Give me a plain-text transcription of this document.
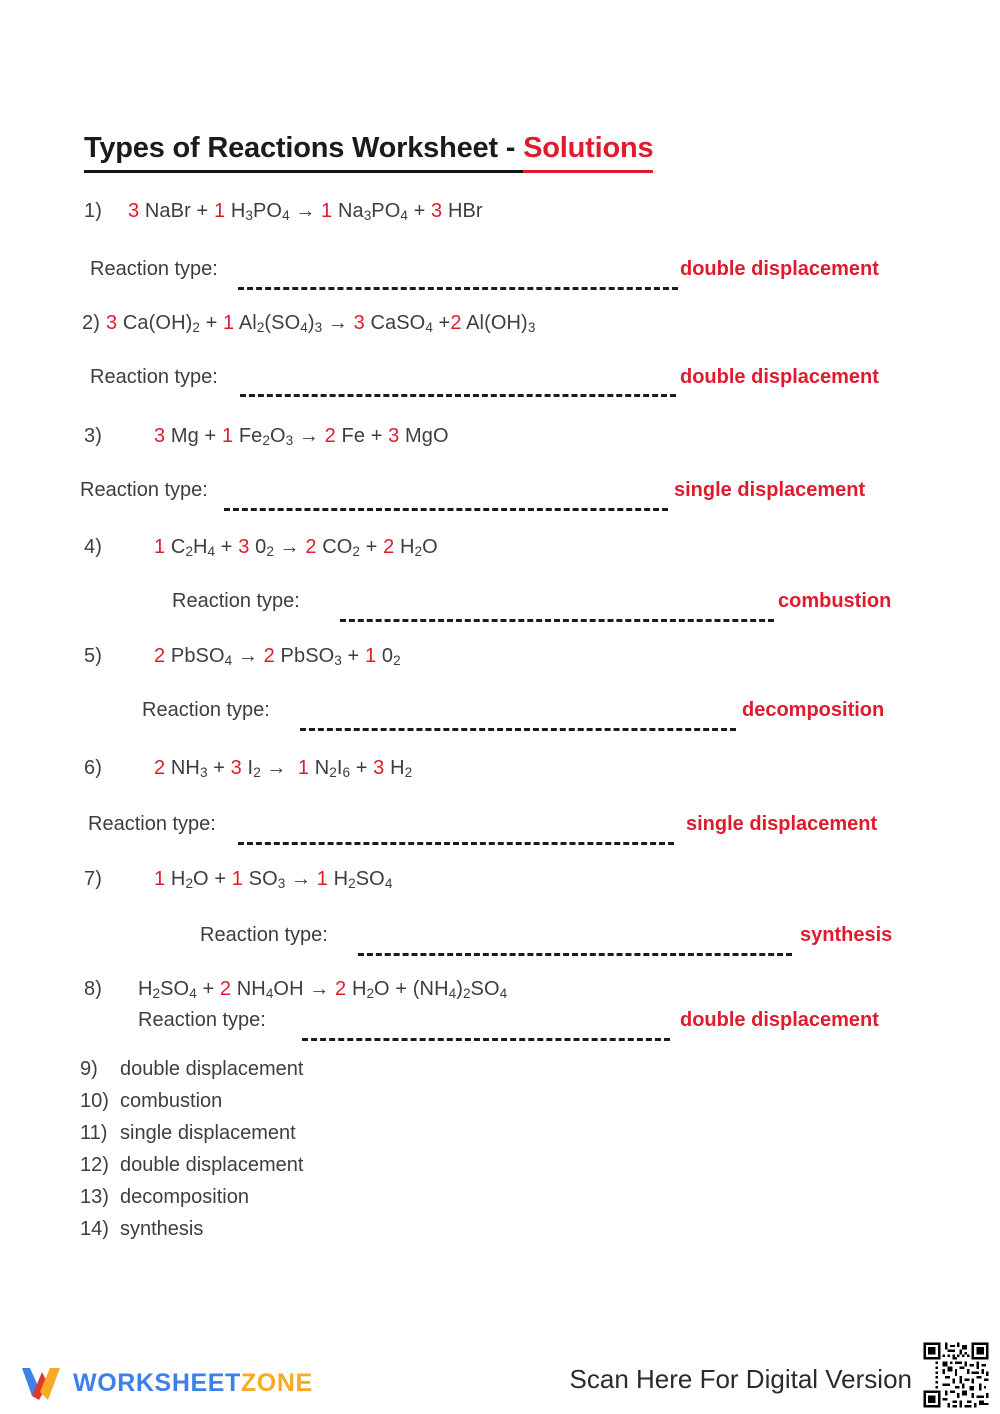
Types of Reactions Worksheet - Solutions
1)	3 NaBr + 1 $H_3PO_4 \to 1$ $Na_3PO_4 + 3$ HBr
Reaction type:	double displacement
2) 3 $Ca(OH)_2 + 1$ $Al_2(SO_4)_3 \to 3$ CaSO$_4$ +2 $Al(OH)_3$
Reaction type:	double displacement
3)	3 Mg + 1 $Fe_2O_3 \to 2$ Fe + 3 MgO
Reaction type:	single displacement
4)	1 $C_2H_4 + 3$ $0_2 \to 2$ $CO_2 + 2$ $H_2O$
Reaction type:	combustion
5)	2 PbSO$_4$ → 2 PbSO$_3$ + 1 $0_2$
Reaction type:	decomposition
6)	2 $NH_3 + 3$ $I_2 \to 1$ $N_2I_6 + 3$ $H_2$
Reaction type:	single displacement
7)	1 $H_2O + 1$ $SO_3 \to 1$ $H_2SO_4$
Reaction type:	synthesis
8)	$H_2SO_4 + 2$ $NH_4OH \to 2$ $H_2O + (NH_4)_2SO_4$
Reaction type:	double displacement
9)	double displacement
10) combustion
11) single displacement
12) double displacement
13) decomposition
14) synthesis
WORKSHEETZONE	Scan Here For Digital Version
